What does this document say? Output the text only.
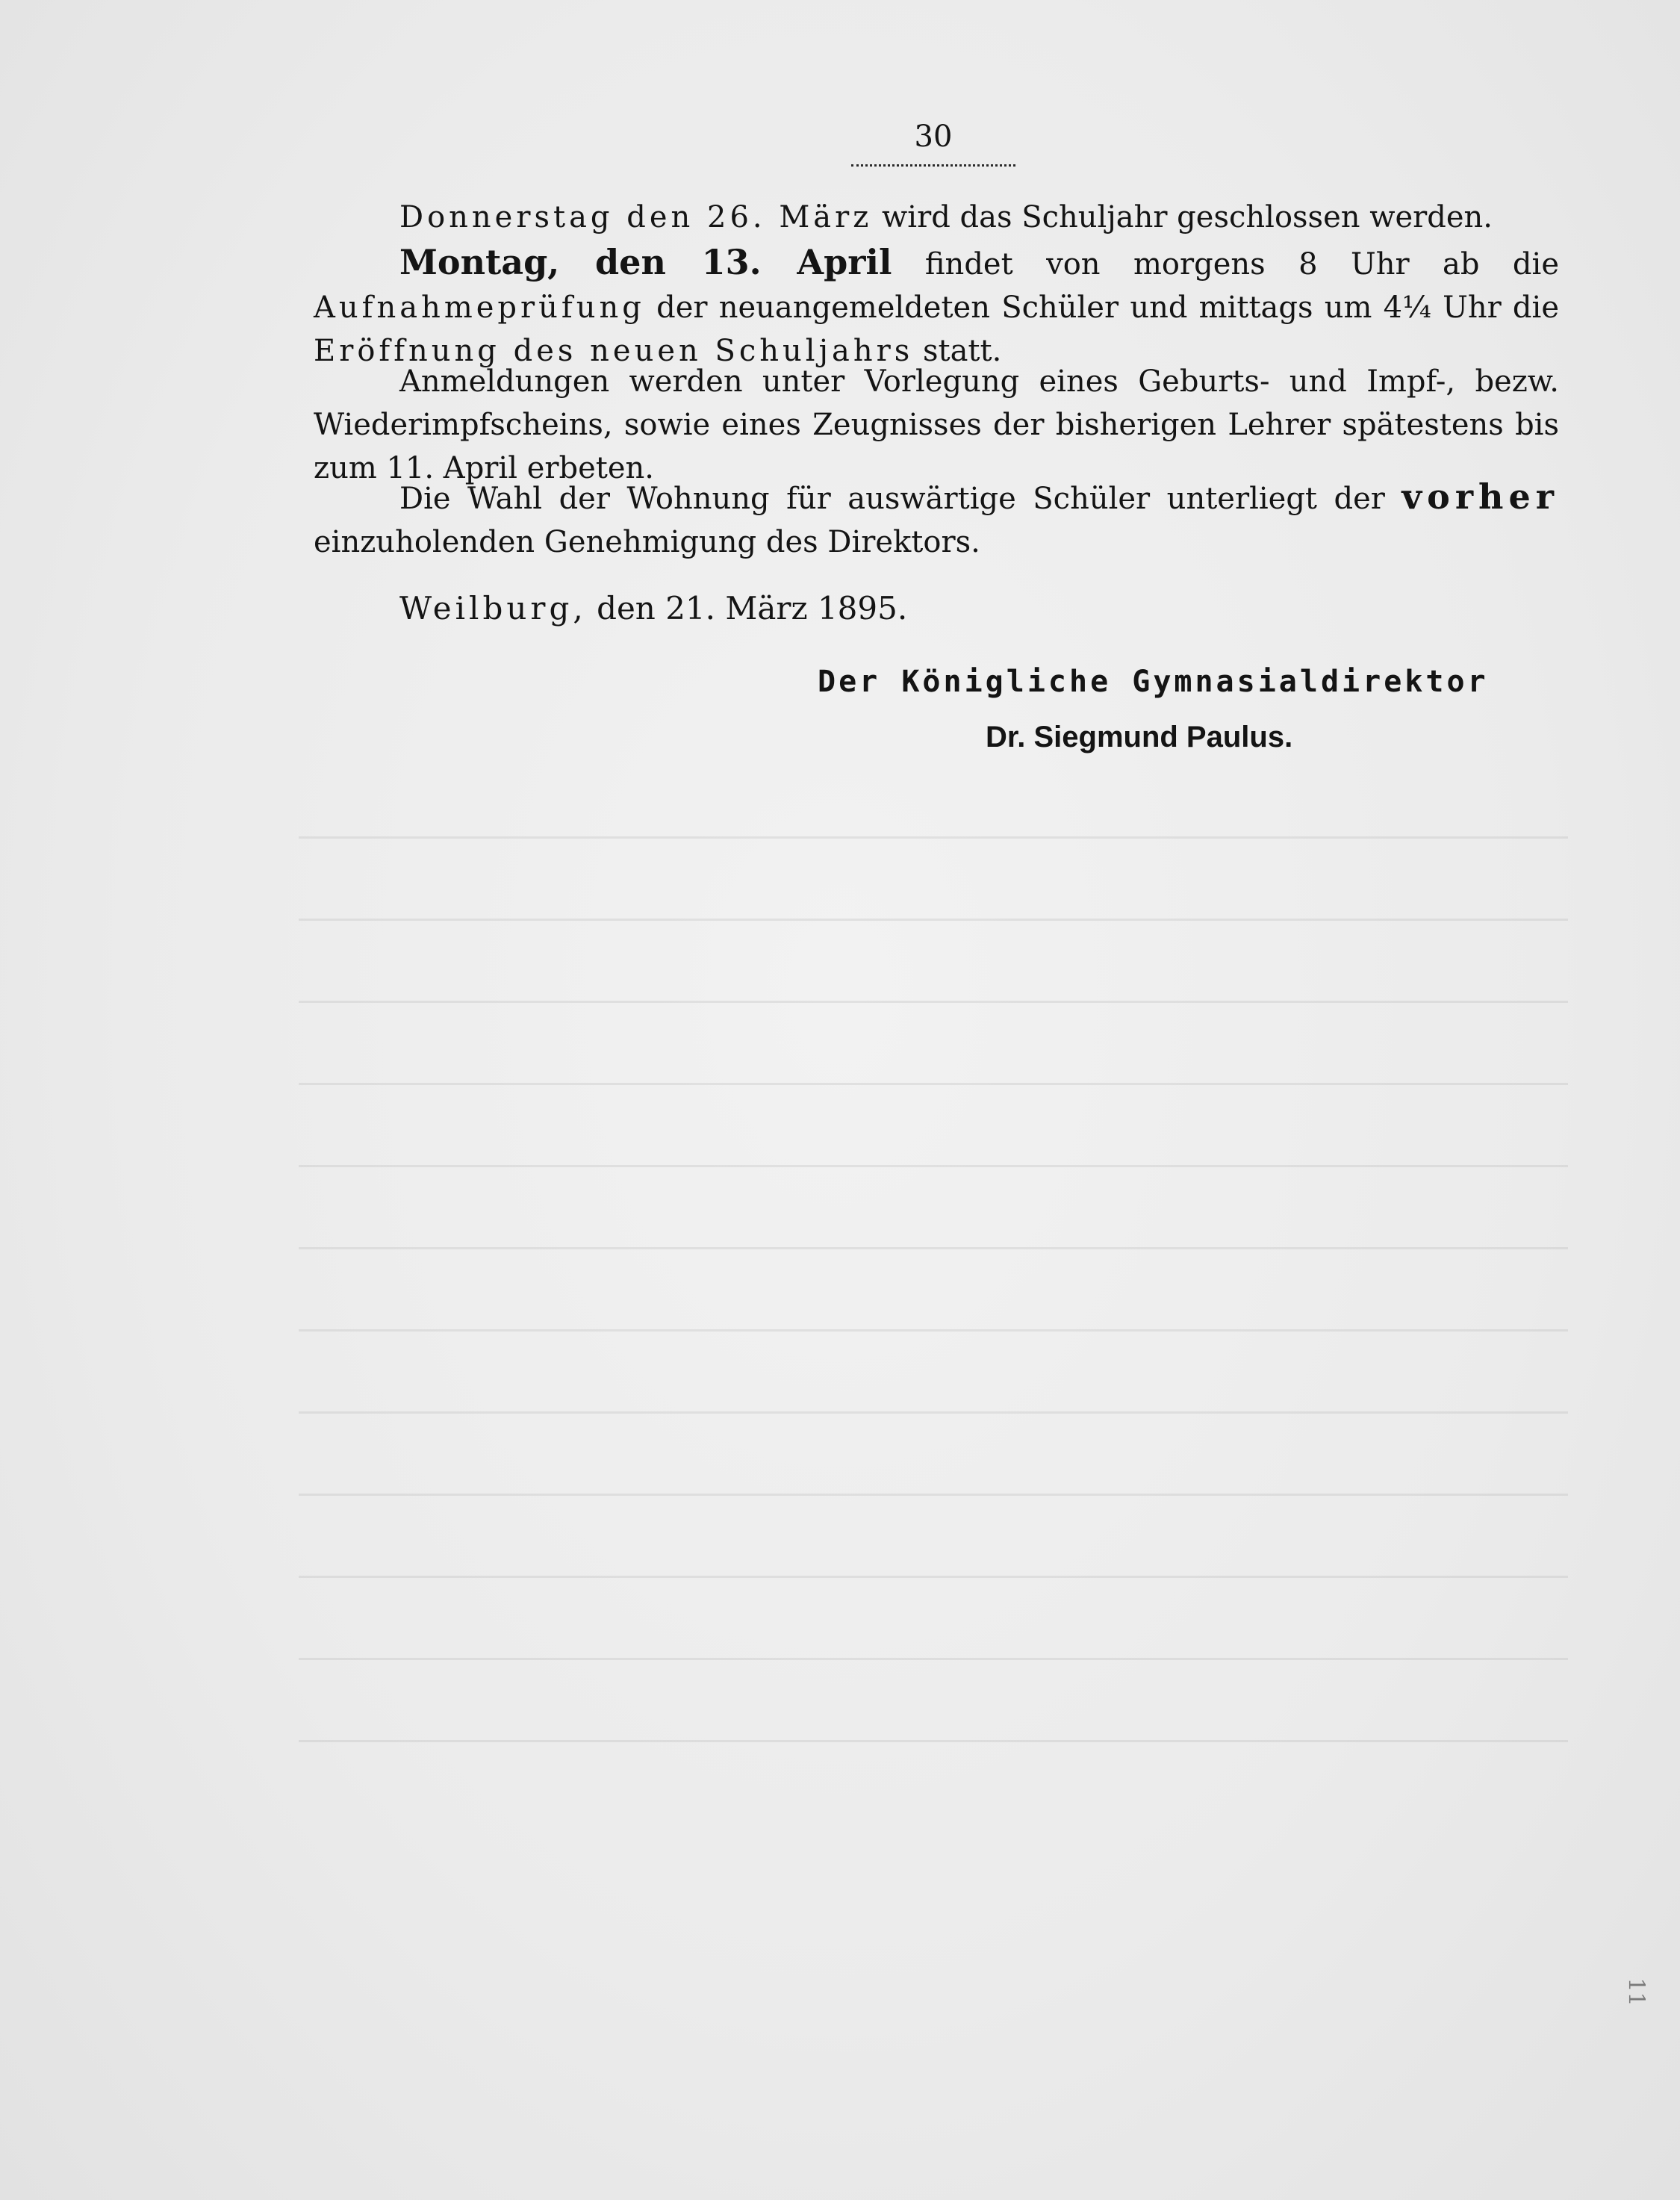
30

Donnerstag den 26. März wird das Schuljahr geschlossen werden.

Montag, den 13. April findet von morgens 8 Uhr ab die Aufnahmeprüfung der neuangemeldeten Schüler und mittags um 4¼ Uhr die Eröffnung des neuen Schuljahrs statt.

Anmeldungen werden unter Vorlegung eines Geburts- und Impf-, bezw. Wiederimpfscheins, sowie eines Zeugnisses der bisherigen Lehrer spätestens bis zum 11. April erbeten.

Die Wahl der Wohnung für auswärtige Schüler unterliegt der vorher einzuholenden Genehmigung des Direktors.

Weilburg, den 21. März 1895.

Der Königliche Gymnasialdirektor

Dr. Siegmund Paulus.

11
